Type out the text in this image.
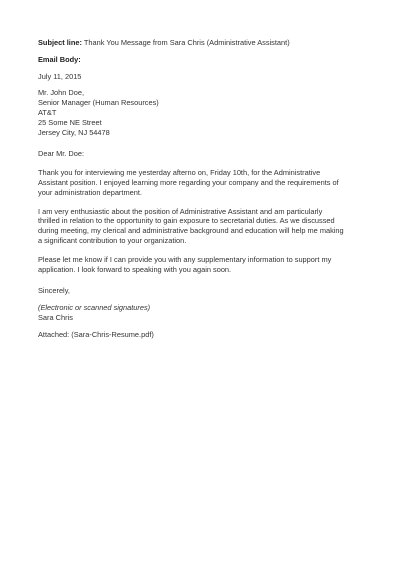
Subject line: Thank You Message from Sara Chris (Administrative Assistant)
Email Body:
July 11, 2015
Mr. John Doe,
Senior Manager (Human Resources)
AT&T
25 Some NE Street
Jersey City, NJ 54478
Dear Mr. Doe:
Thank you for interviewing me yesterday afterno on, Friday 10th, for the Administrative
Assistant position. I enjoyed learning more regarding your company and the requirements of
your administration department.
I am very enthusiastic about the position of Administrative Assistant and am particularly
thrilled in relation to the opportunity to gain exposure to secretarial duties. As we discussed
during meeting, my clerical and administrative background and education will help me making
a significant contribution to your organization.
Please let me know if I can provide you with any supplementary information to support my
application. I look forward to speaking with you again soon.
Sincerely,
(Electronic or scanned signatures)
Sara Chris
Attached: (Sara-Chris-Resume.pdf)
